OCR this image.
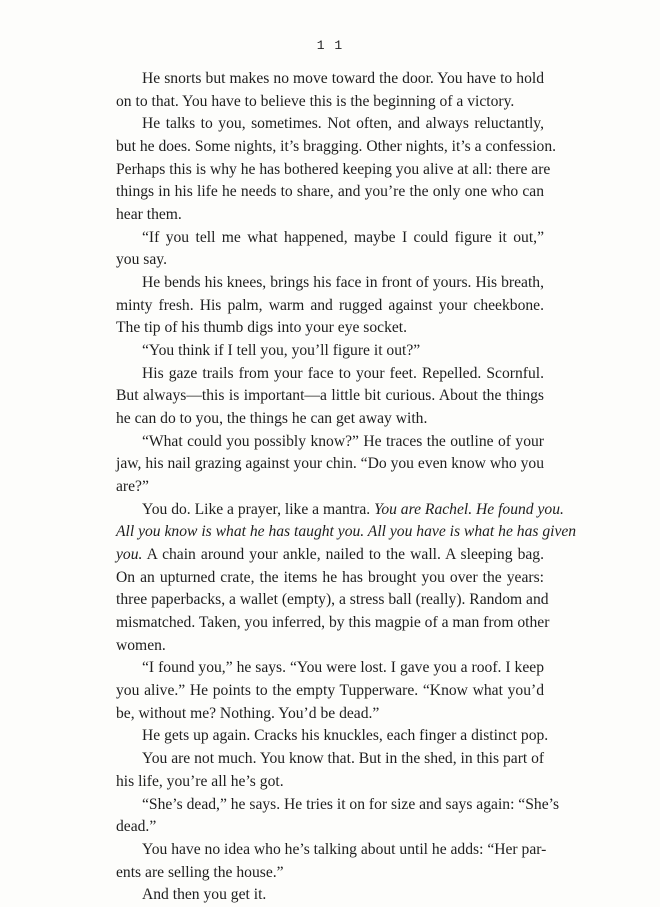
1 1
He snorts but makes no move toward the door. You have to hold
on to that. You have to believe this is the beginning of a victory.
He talks to you, sometimes. Not often, and always reluctantly,
but he does. Some nights, it’s bragging. Other nights, it’s a confession.
Perhaps this is why he has bothered keeping you alive at all: there are
things in his life he needs to share, and you’re the only one who can
hear them.
“If you tell me what happened, maybe I could figure it out,”
you say.
He bends his knees, brings his face in front of yours. His breath,
minty fresh. His palm, warm and rugged against your cheekbone.
The tip of his thumb digs into your eye socket.
“You think if I tell you, you’ll figure it out?”
His gaze trails from your face to your feet. Repelled. Scornful.
But always—this is important—a little bit curious. About the things
he can do to you, the things he can get away with.
“What could you possibly know?” He traces the outline of your
jaw, his nail grazing against your chin. “Do you even know who you
are?”
You do. Like a prayer, like a mantra. You are Rachel. He found you.
All you know is what he has taught you. All you have is what he has given
you. A chain around your ankle, nailed to the wall. A sleeping bag.
On an upturned crate, the items he has brought you over the years:
three paperbacks, a wallet (empty), a stress ball (really). Random and
mismatched. Taken, you inferred, by this magpie of a man from other
women.
“I found you,” he says. “You were lost. I gave you a roof. I keep
you alive.” He points to the empty Tupperware. “Know what you’d
be, without me? Nothing. You’d be dead.”
He gets up again. Cracks his knuckles, each finger a distinct pop.
You are not much. You know that. But in the shed, in this part of
his life, you’re all he’s got.
“She’s dead,” he says. He tries it on for size and says again: “She’s
dead.”
You have no idea who he’s talking about until he adds: “Her par-
ents are selling the house.”
And then you get it.
